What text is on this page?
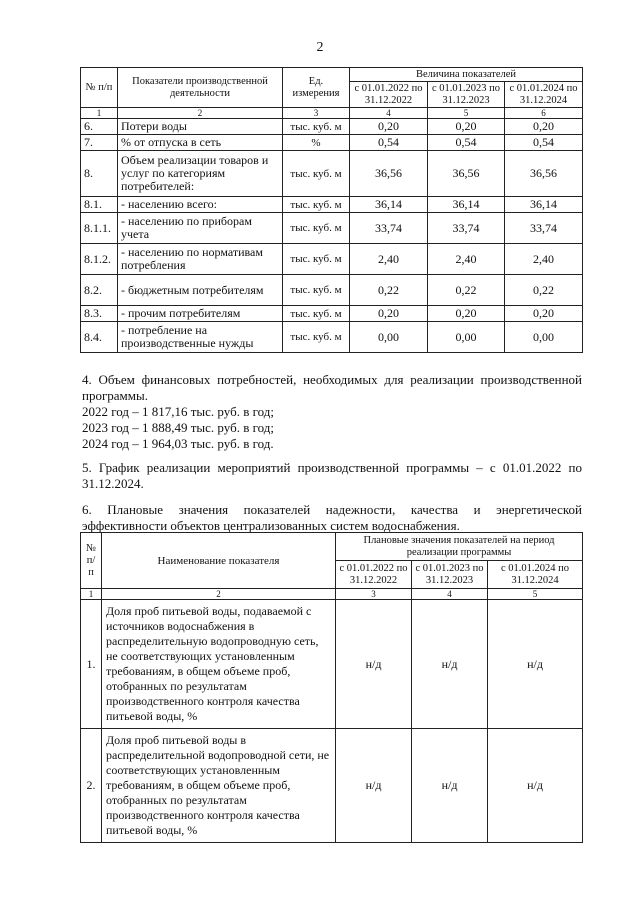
2
№ п/п	Показатели производственной деятельности	Ед. измерения	Величина показателей		
			с 01.01.2022 по 31.12.2022	с 01.01.2023 по 31.12.2023	с 01.01.2024 по 31.12.2024
1	2	3	4	5	6
6.	Потери воды	тыс. куб. м	0,20	0,20	0,20
7.	% от отпуска в сеть	%	0,54	0,54	0,54
8.	Объем реализации товаров и услуг по категориям потребителей:	тыс. куб. м	36,56	36,56	36,56
8.1.	- населению всего:	тыс. куб. м	36,14	36,14	36,14
8.1.1.	- населению по приборам учета	тыс. куб. м	33,74	33,74	33,74
8.1.2.	- населению по нормативам потребления	тыс. куб. м	2,40	2,40	2,40
8.2.	- бюджетным потребителям	тыс. куб. м	0,22	0,22	0,22
8.3.	- прочим потребителям	тыс. куб. м	0,20	0,20	0,20
8.4.	- потребление на производственные нужды	тыс. куб. м	0,00	0,00	0,00
4. Объем финансовых потребностей, необходимых для реализации производственной программы.
2022 год – 1 817,16 тыс. руб. в год;
2023 год – 1 888,49 тыс. руб. в год;
2024 год – 1 964,03 тыс. руб. в год.
5. График реализации мероприятий производственной программы – с 01.01.2022 по 31.12.2024.
6. Плановые значения показателей надежности, качества и энергетической эффективности объектов централизованных систем водоснабжения.
№ п/п	Наименование показателя	Плановые значения показателей на период реализации программы		
		с 01.01.2022 по 31.12.2022	с 01.01.2023 по 31.12.2023	с 01.01.2024 по 31.12.2024
1	2	3	4	5
1.	Доля проб питьевой воды, подаваемой с источников водоснабжения в распределительную водопроводную сеть, не соответствующих установленным требованиям, в общем объеме проб, отобранных по результатам производственного контроля качества питьевой воды, %	н/д	н/д	н/д
2.	Доля проб питьевой воды в распределительной водопроводной сети, не соответствующих установленным требованиям, в общем объеме проб, отобранных по результатам производственного контроля качества питьевой воды, %	н/д	н/д	н/д
